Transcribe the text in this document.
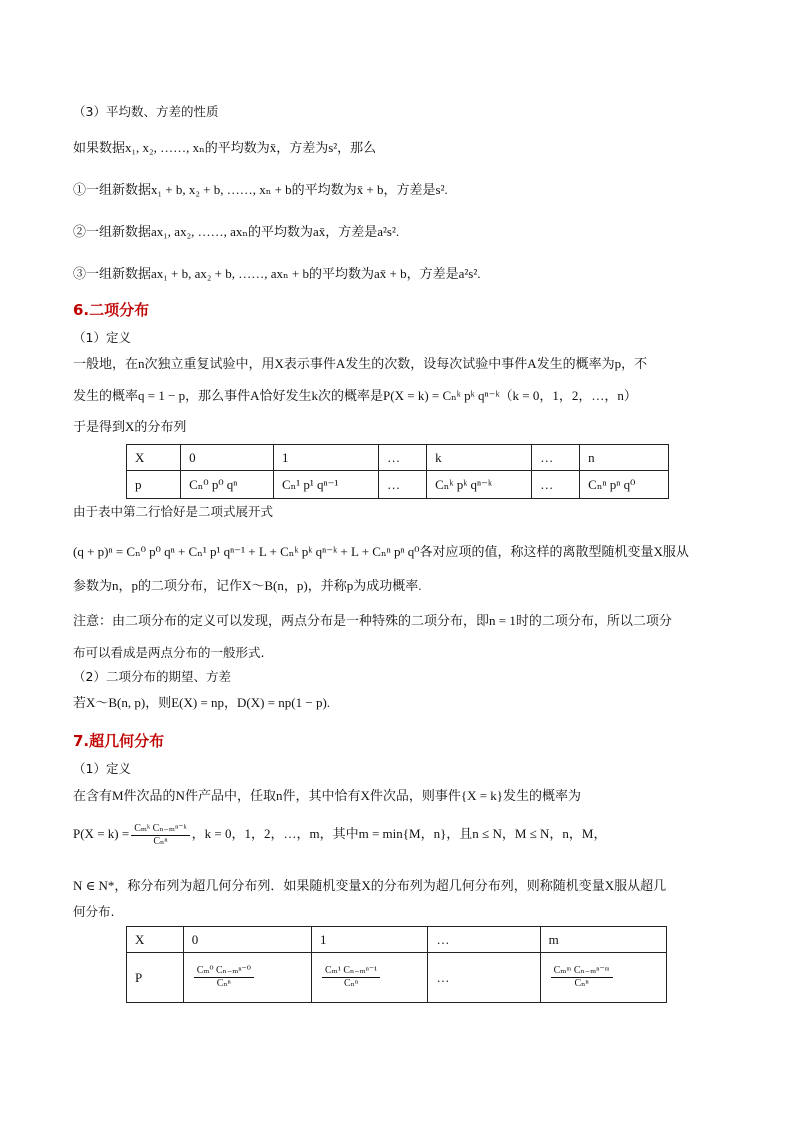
（3）平均数、方差的性质
如果数据x₁, x₂, ……, xₙ的平均数为x̄，方差为s²，那么
①一组新数据x₁ + b, x₂ + b, ……, xₙ + b的平均数为x̄ + b，方差是s².
②一组新数据ax₁, ax₂, ……, axₙ的平均数为ax̄，方差是a²s².
③一组新数据ax₁ + b, ax₂ + b, ……, axₙ + b的平均数为ax̄ + b，方差是a²s².
6.二项分布
（1）定义
一般地，在n次独立重复试验中，用X表示事件A发生的次数，设每次试验中事件A发生的概率为p，不
发生的概率q = 1 − p，那么事件A恰好发生k次的概率是P(X = k) = Cₙᵏ pᵏ qⁿ⁻ᵏ（k = 0，1，2，…，n）
于是得到X的分布列
X	0	1	…	k	…	n
p	Cₙ⁰ p⁰ qⁿ	Cₙ¹ p¹ qⁿ⁻¹	…	Cₙᵏ pᵏ qⁿ⁻ᵏ	…	Cₙⁿ pⁿ q⁰
由于表中第二行恰好是二项式展开式
(q + p)ⁿ = Cₙ⁰ p⁰ qⁿ + Cₙ¹ p¹ qⁿ⁻¹ + L + Cₙᵏ pᵏ qⁿ⁻ᵏ + L + Cₙⁿ pⁿ q⁰各对应项的值，称这样的离散型随机变量X服从
参数为n，p的二项分布，记作X～B(n，p)，并称p为成功概率.
注意：由二项分布的定义可以发现，两点分布是一种特殊的二项分布，即n = 1时的二项分布，所以二项分
布可以看成是两点分布的一般形式.
（2）二项分布的期望、方差
若X～B(n, p)，则E(X) = np，D(X) = np(1 − p).
7.超几何分布
（1）定义
在含有M件次品的N件产品中，任取n件，其中恰有X件次品，则事件{X = k}发生的概率为
$P(X = k) = \frac{\text{Cₘᵏ Cₙ₋ₘⁿ⁻ᵏ}}{\text{Cₙⁿ}}$ ，k = 0，1，2，…，m，其中m = min{M，n}，且n ≤ N，M ≤ N，n，M，
N ∈ N*，称分布列为超几何分布列．如果随机变量X的分布列为超几何分布列，则称随机变量X服从超几
何分布.
X	0	1	…	m
P	$\frac{\text{Cₘ⁰ Cₙ₋ₘⁿ⁻⁰}}{\text{Cₙⁿ}}$	$\frac{\text{Cₘ¹ Cₙ₋ₘⁿ⁻¹}}{\text{Cₙⁿ}}$	…	$\frac{\text{Cₘᵐ Cₙ₋ₘⁿ⁻ᵐ}}{\text{Cₙⁿ}}$
